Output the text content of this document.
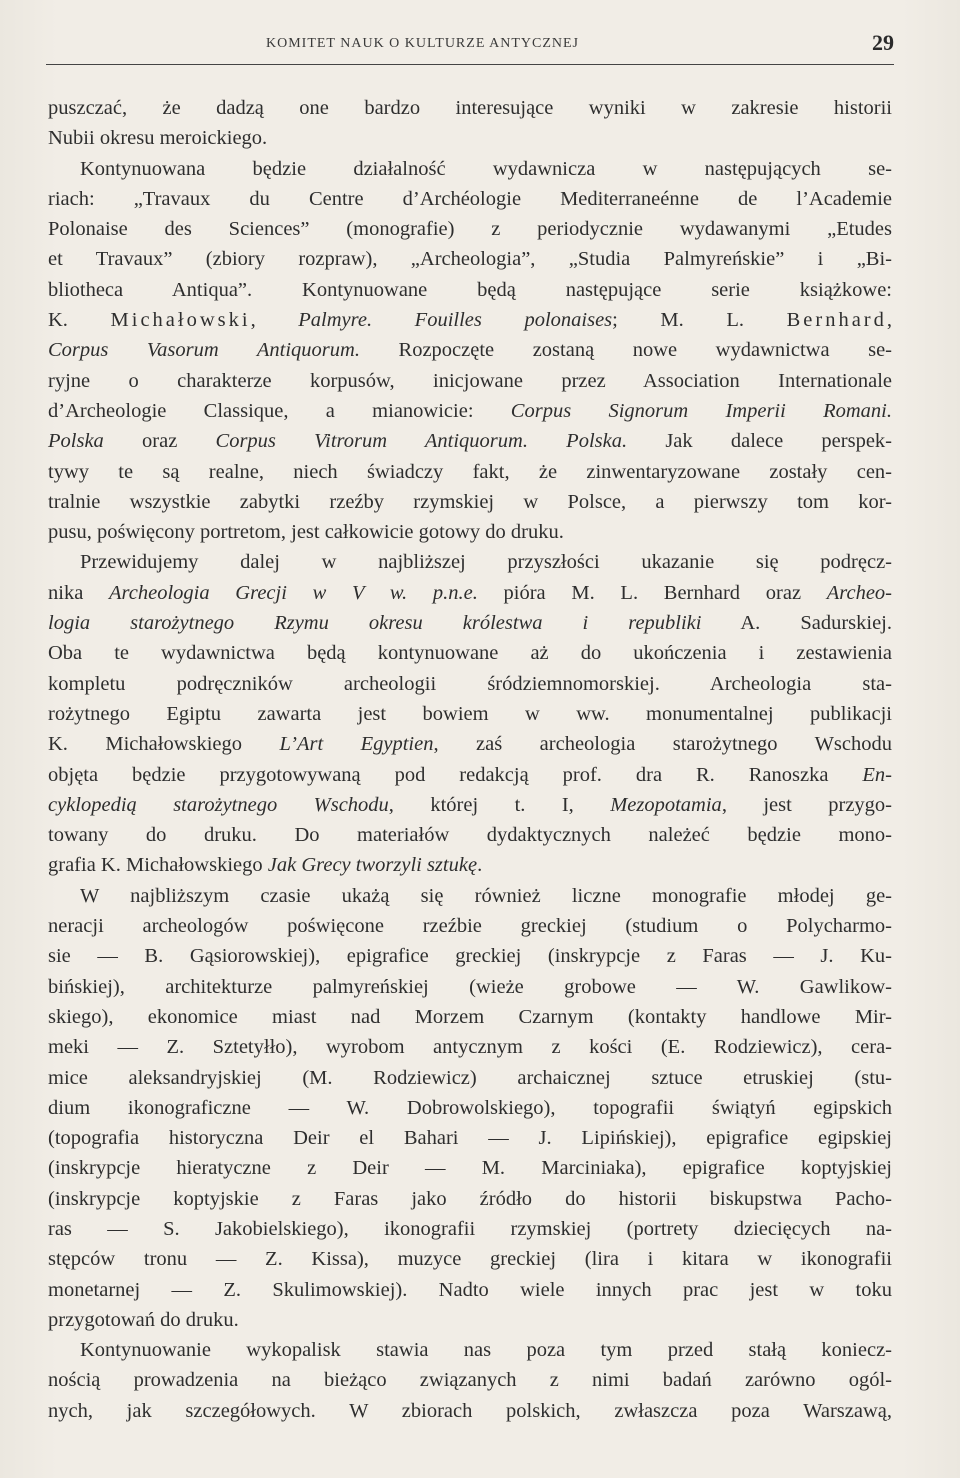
KOMITET NAUK O KULTURZE ANTYCZNEJ	29
puszczać, że dadzą one bardzo interesujące wyniki w zakresie historii
Nubii okresu meroickiego.
Kontynuowana będzie działalność wydawnicza w następujących se-
riach: „Travaux du Centre d’Archéologie Mediterraneénne de l’Academie
Polonaise des Sciences” (monografie) z periodycznie wydawanymi „Etudes
et Travaux” (zbiory rozpraw), „Archeologia”, „Studia Palmyreńskie” i „Bi-
bliotheca Antiqua”. Kontynuowane będą następujące serie książkowe:
K. Michałowski, Palmyre. Fouilles polonaises; M. L. Bernhard,
Corpus Vasorum Antiquorum. Rozpoczęte zostaną nowe wydawnictwa se-
ryjne o charakterze korpusów, inicjowane przez Association Internationale
d’Archeologie Classique, a mianowicie: Corpus Signorum Imperii Romani.
Polska oraz Corpus Vitrorum Antiquorum. Polska. Jak dalece perspek-
tywy te są realne, niech świadczy fakt, że zinwentaryzowane zostały cen-
tralnie wszystkie zabytki rzeźby rzymskiej w Polsce, a pierwszy tom kor-
pusu, poświęcony portretom, jest całkowicie gotowy do druku.
Przewidujemy dalej w najbliższej przyszłości ukazanie się podręcz-
nika Archeologia Grecji w V w. p.n.e. pióra M. L. Bernhard oraz Archeo-
logia starożytnego Rzymu okresu królestwa i republiki A. Sadurskiej.
Oba te wydawnictwa będą kontynuowane aż do ukończenia i zestawienia
kompletu podręczników archeologii śródziemnomorskiej. Archeologia sta-
rożytnego Egiptu zawarta jest bowiem w ww. monumentalnej publikacji
K. Michałowskiego L’Art Egyptien, zaś archeologia starożytnego Wschodu
objęta będzie przygotowywaną pod redakcją prof. dra R. Ranoszka En-
cyklopedią starożytnego Wschodu, której t. I, Mezopotamia, jest przygo-
towany do druku. Do materiałów dydaktycznych należeć będzie mono-
grafia K. Michałowskiego Jak Grecy tworzyli sztukę.
W najbliższym czasie ukażą się również liczne monografie młodej ge-
neracji archeologów poświęcone rzeźbie greckiej (studium o Polycharmo-
sie — B. Gąsiorowskiej), epigrafice greckiej (inskrypcje z Faras — J. Ku-
bińskiej), architekturze palmyreńskiej (wieże grobowe — W. Gawlikow-
skiego), ekonomice miast nad Morzem Czarnym (kontakty handlowe Mir-
meki — Z. Sztetyłło), wyrobom antycznym z kości (E. Rodziewicz), cera-
mice aleksandryjskiej (M. Rodziewicz) archaicznej sztuce etruskiej (stu-
dium ikonograficzne — W. Dobrowolskiego), topografii świątyń egipskich
(topografia historyczna Deir el Bahari — J. Lipińskiej), epigrafice egipskiej
(inskrypcje hieratyczne z Deir — M. Marciniaka), epigrafice koptyjskiej
(inskrypcje koptyjskie z Faras jako źródło do historii biskupstwa Pacho-
ras — S. Jakobielskiego), ikonografii rzymskiej (portrety dziecięcych na-
stępców tronu — Z. Kissa), muzyce greckiej (lira i kitara w ikonografii
monetarnej — Z. Skulimowskiej). Nadto wiele innych prac jest w toku
przygotowań do druku.
Kontynuowanie wykopalisk stawia nas poza tym przed stałą koniecz-
nością prowadzenia na bieżąco związanych z nimi badań zarówno ogól-
nych, jak szczegółowych. W zbiorach polskich, zwłaszcza poza Warszawą,
